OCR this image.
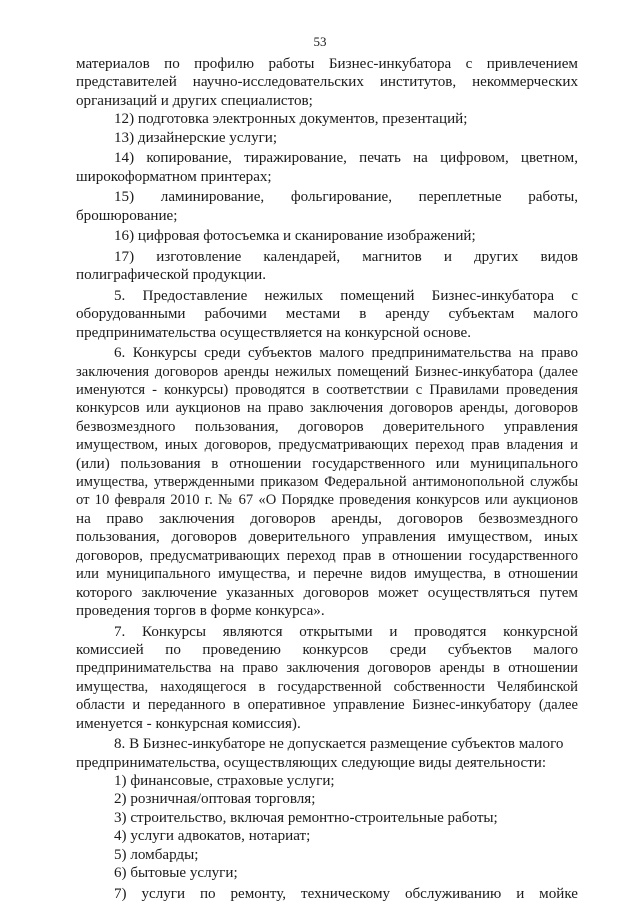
53

материалов по профилю работы Бизнес-инкубатора с привлечением

представителей научно-исследовательских институтов, некоммерческих

организаций и других специалистов;

12) подготовка электронных документов, презентаций;

13) дизайнерские услуги;

14) копирование, тиражирование, печать на цифровом, цветном,

широкоформатном принтерах;

15) ламинирование, фольгирование, переплетные работы,

брошюрование;

16) цифровая фотосъемка и сканирование изображений;

17) изготовление календарей, магнитов и других видов

полиграфической продукции.

5. Предоставление нежилых помещений Бизнес-инкубатора с

оборудованными рабочими местами в аренду субъектам малого

предпринимательства осуществляется на конкурсной основе.

6. Конкурсы среди субъектов малого предпринимательства на право

заключения договоров аренды нежилых помещений Бизнес-инкубатора (далее

именуются - конкурсы) проводятся в соответствии с Правилами проведения

конкурсов или аукционов на право заключения договоров аренды, договоров

безвозмездного пользования, договоров доверительного управления

имуществом, иных договоров, предусматривающих переход прав владения и

(или) пользования в отношении государственного или муниципального

имущества, утвержденными приказом Федеральной антимонопольной службы

от 10 февраля 2010 г. № 67 «О Порядке проведения конкурсов или аукционов

на право заключения договоров аренды, договоров безвозмездного

пользования, договоров доверительного управления имуществом, иных

договоров, предусматривающих переход прав в отношении государственного

или муниципального имущества, и перечне видов имущества, в отношении

которого заключение указанных договоров может осуществляться путем

проведения торгов в форме конкурса».

7. Конкурсы являются открытыми и проводятся конкурсной

комиссией по проведению конкурсов среди субъектов малого

предпринимательства на право заключения договоров аренды в отношении

имущества, находящегося в государственной собственности Челябинской

области и переданного в оперативное управление Бизнес-инкубатору (далее

именуется - конкурсная комиссия).

8. В Бизнес-инкубаторе не допускается размещение субъектов малого

предпринимательства, осуществляющих следующие виды деятельности:

1) финансовые, страховые услуги;

2) розничная/оптовая торговля;

3) строительство, включая ремонтно-строительные работы;

4) услуги адвокатов, нотариат;

5) ломбарды;

6) бытовые услуги;

7) услуги по ремонту, техническому обслуживанию и мойке
